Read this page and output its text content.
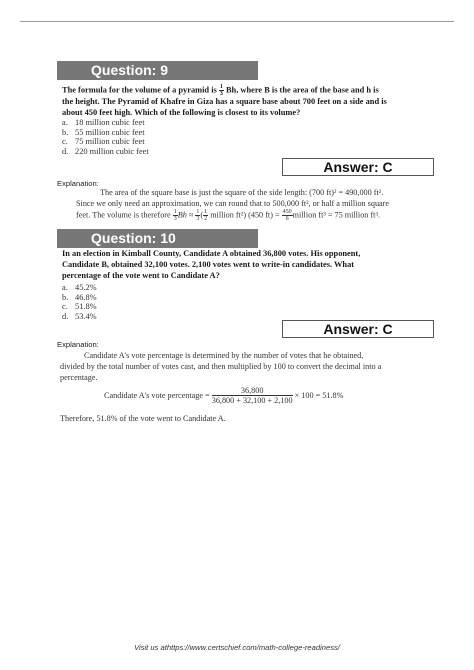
Question: 9
The formula for the volume of a pyramid is $\frac{1}{3} Bh$, where B is the area of the base and h is
the height. The Pyramid of Khafre in Giza has a square base about 700 feet on a side and is
about 450 feet high. Which of the following is closest to its volume?
a. 18 million cubic feet
b. 55 million cubic feet
c. 75 million cubic feet
d. 220 million cubic feet
Answer: C
Explanation:
The area of the square base is just the square of the side length: (700 ft)² = 490,000 ft².
Since we only need an approximation, we can round that to 500,000 ft², or half a million square
feet. The volume is therefore $\frac{1}{3}$ $Bh \approx \frac{1}{3}$ ( $\frac{1}{2}$ million ft²) (450 $ft) = \frac{450}{6}$ million ft³ = 75 million ft³.
Question: 10
In an election in Kimball County, Candidate A obtained 36,800 votes. His opponent,
Candidate B, obtained 32,100 votes. 2,100 votes went to write-in candidates. What
percentage of the vote went to Candidate A?
a. 45.2%
b. 46.8%
c. 51.8%
d. 53.4%
Answer: C
Explanation:
Candidate A's vote percentage is determined by the number of votes that he obtained,
divided by the total number of votes cast, and then multiplied by 100 to convert the decimal into a
percentage.
Candidate A's vote percentage = $\frac{36,800}{36,800 + 32,100 + 2,100} \times 100 = 51.8\%$
Therefore, 51.8% of the vote went to Candidate A.
Visit us athttps://www.certschief.com/math-college-readiness/
